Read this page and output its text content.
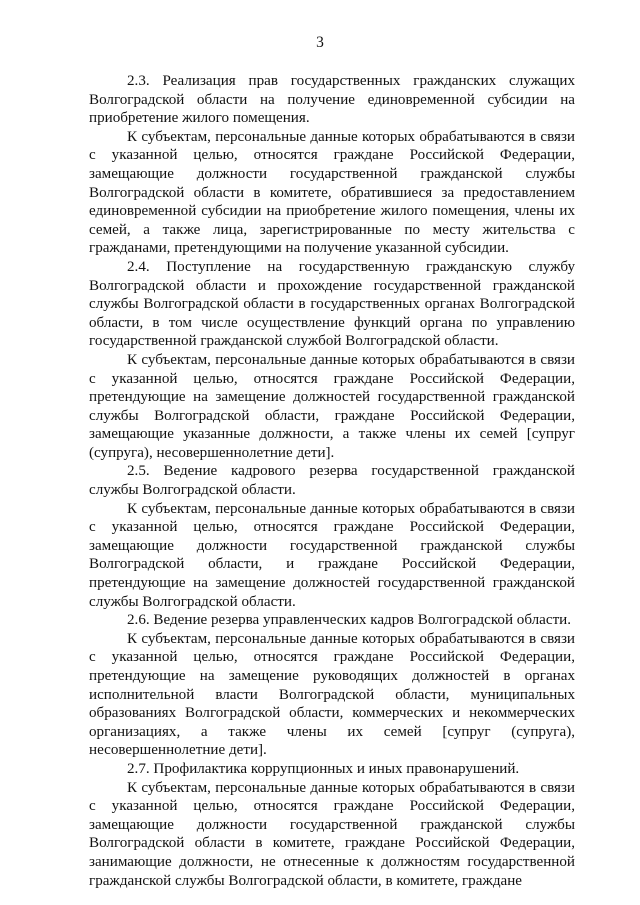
3

2.3. Реализация прав государственных гражданских служащих Волгоградской области на получение единовременной субсидии на приобретение жилого помещения.

К субъектам, персональные данные которых обрабатываются в связи с указанной целью, относятся граждане Российской Федерации, замещающие должности государственной гражданской службы Волгоградской области в комитете, обратившиеся за предоставлением единовременной субсидии на приобретение жилого помещения, члены их семей, а также лица, зарегистрированные по месту жительства с гражданами, претендующими на получение указанной субсидии.

2.4. Поступление на государственную гражданскую службу Волгоградской области и прохождение государственной гражданской службы Волгоградской области в государственных органах Волгоградской области, в том числе осуществление функций органа по управлению государственной гражданской службой Волгоградской области.

К субъектам, персональные данные которых обрабатываются в связи с указанной целью, относятся граждане Российской Федерации, претендующие на замещение должностей государственной гражданской службы Волгоградской области, граждане Российской Федерации, замещающие указанные должности, а также члены их семей [супруг (супруга), несовершеннолетние дети].

2.5. Ведение кадрового резерва государственной гражданской службы Волгоградской области.

К субъектам, персональные данные которых обрабатываются в связи с указанной целью, относятся граждане Российской Федерации, замещающие должности государственной гражданской службы Волгоградской области, и граждане Российской Федерации, претендующие на замещение должностей государственной гражданской службы Волгоградской области.

2.6. Ведение резерва управленческих кадров Волгоградской области.

К субъектам, персональные данные которых обрабатываются в связи с указанной целью, относятся граждане Российской Федерации, претендующие на замещение руководящих должностей в органах исполнительной власти Волгоградской области, муниципальных образованиях Волгоградской области, коммерческих и некоммерческих организациях, а также члены их семей [супруг (супруга), несовершеннолетние дети].

2.7. Профилактика коррупционных и иных правонарушений.

К субъектам, персональные данные которых обрабатываются в связи с указанной целью, относятся граждане Российской Федерации, замещающие должности государственной гражданской службы Волгоградской области в комитете, граждане Российской Федерации, занимающие должности, не отнесенные к должностям государственной гражданской службы Волгоградской области, в комитете, граждане
